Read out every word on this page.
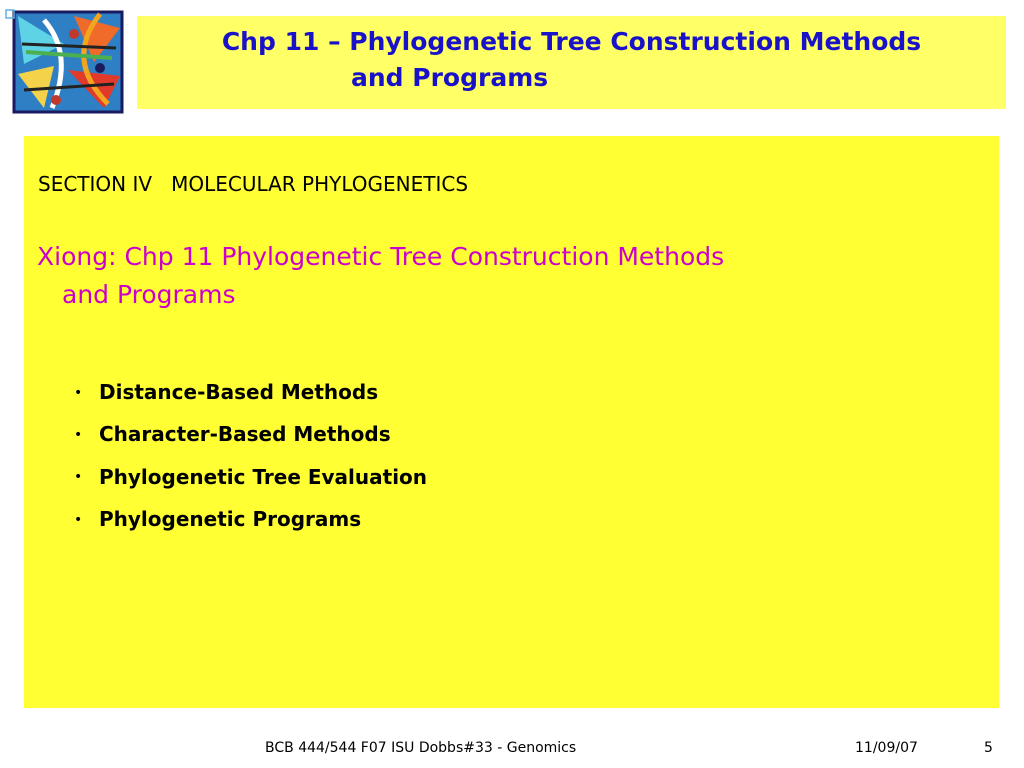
Chp 11 – Phylogenetic Tree Construction Methods
and Programs
SECTION IV   MOLECULAR PHYLOGENETICS

Xiong: Chp 11 Phylogenetic Tree Construction Methods
and Programs

• Distance-Based Methods
• Character-Based Methods
• Phylogenetic Tree Evaluation
• Phylogenetic Programs
BCB 444/544 F07 ISU Dobbs#33 - Genomics	11/09/07	5
